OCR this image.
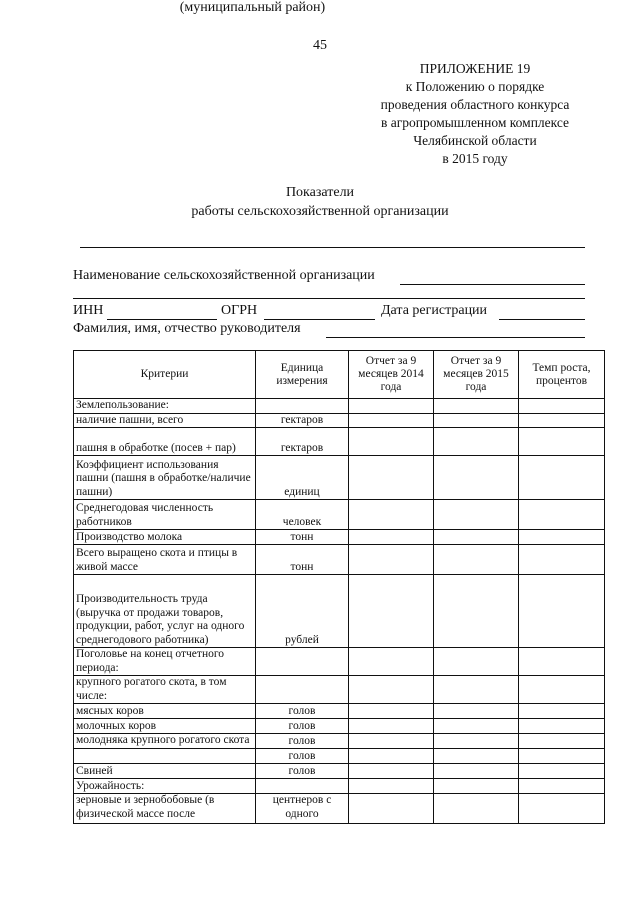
45
ПРИЛОЖЕНИЕ 19
к Положению о порядке
проведения областного конкурса
в агропромышленном комплексе
Челябинской области
в 2015 году
Показатели
работы сельскохозяйственной организации
(муниципальный район)
Наименование сельскохозяйственной организации
ИНН	ОГРН	Дата регистрации
Фамилия, имя, отчество руководителя
Критерии	Единица измерения	Отчет за 9 месяцев 2014 года	Отчет за 9 месяцев 2015 года	Темп роста, процентов
Землепользование:				
наличие пашни, всего	гектаров			
пашня в обработке (посев + пар)	гектаров			
Коэффициент использования пашни (пашня в обработке/наличие пашни)	единиц			
Среднегодовая численность работников	человек			
Производство молока	тонн			
Всего выращено скота и птицы в живой массе	тонн			
Производительность труда (выручка от продажи товаров, продукции, работ, услуг на одного среднегодового работника)	рублей			
Поголовье на конец отчетного периода:				
крупного рогатого скота, в том числе:				
мясных коров	голов			
молочных коров	голов			
молодняка крупного рогатого скота	голов			
	голов			
Свиней	голов			
Урожайность:				
зерновые и зернобобовые (в физической массе после	центнеров с одного			
